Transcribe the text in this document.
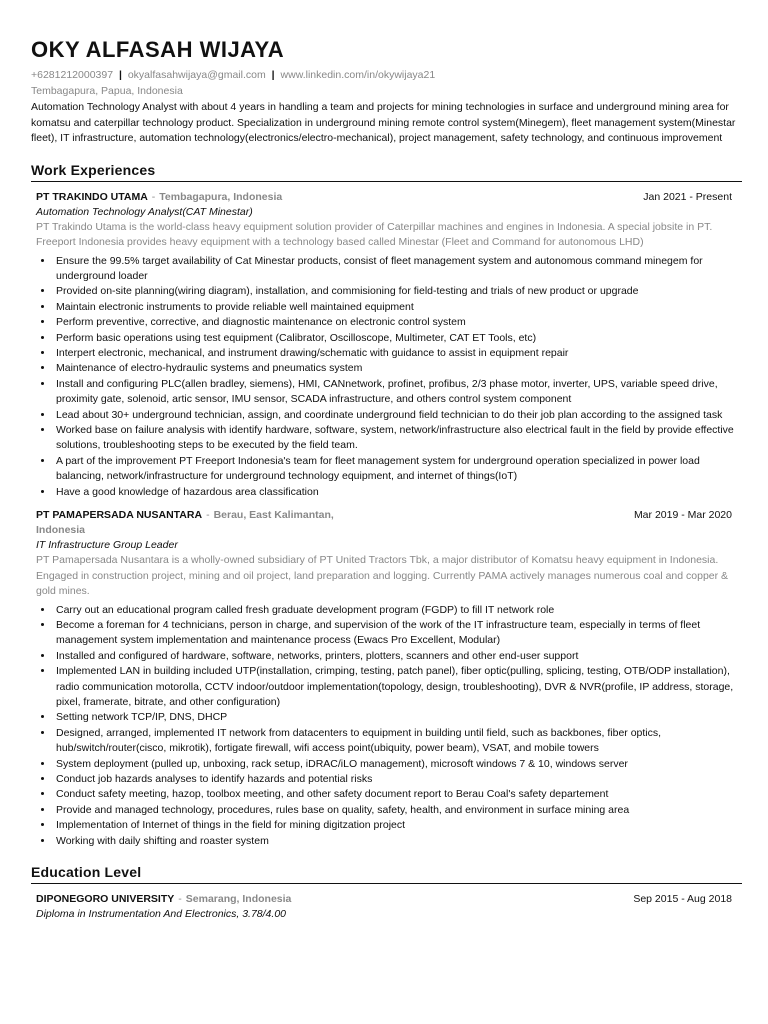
OKY ALFASAH WIJAYA
+6281212000397 | okyalfasahwijaya@gmail.com | www.linkedin.com/in/okywijaya21
Tembagapura, Papua, Indonesia
Automation Technology Analyst with about 4 years in handling a team and projects for mining technologies in surface and underground mining area for komatsu and caterpillar technology product. Specialization in underground mining remote control system(Minegem), fleet management system(Minestar fleet), IT infrastructure, automation technology(electronics/electro-mechanical), project management, safety technology, and continuous improvement
Work Experiences
PT TRAKINDO UTAMA - Tembagapura, Indonesia	Jan 2021 - Present
Automation Technology Analyst(CAT Minestar)
PT Trakindo Utama is the world-class heavy equipment solution provider of Caterpillar machines and engines in Indonesia. A special jobsite in PT. Freeport Indonesia provides heavy equipment with a technology based called Minestar (Fleet and Command for autonomous LHD)
• Ensure the 99.5% target availability of Cat Minestar products, consist of fleet management system and autonomous command minegem for underground loader
• Provided on-site planning(wiring diagram), installation, and commisioning for field-testing and trials of new product or upgrade
• Maintain electronic instruments to provide reliable well maintained equipment
• Perform preventive, corrective, and diagnostic maintenance on electronic control system
• Perform basic operations using test equipment (Calibrator, Oscilloscope, Multimeter, CAT ET Tools, etc)
• Interpert electronic, mechanical, and instrument drawing/schematic with guidance to assist in equipment repair
• Maintenance of electro-hydraulic systems and pneumatics system
• Install and configuring PLC(allen bradley, siemens), HMI, CANnetwork, profinet, profibus, 2/3 phase motor, inverter, UPS, variable speed drive, proximity gate, solenoid, artic sensor, IMU sensor, SCADA infrastructure, and others control system component
• Lead about 30+ underground technician, assign, and coordinate underground field technician to do their job plan according to the assigned task
• Worked base on failure analysis with identify hardware, software, system, network/infrastructure also electrical fault in the field by provide effective solutions, troubleshooting steps to be executed by the field team.
• A part of the improvement PT Freeport Indonesia's team for fleet management system for underground operation specialized in power load balancing, network/infrastructure for underground technology equipment, and internet of things(IoT)
• Have a good knowledge of hazardous area classification
PT PAMAPERSADA NUSANTARA - Berau, East Kalimantan, Indonesia
Mar 2019 - Mar 2020
IT Infrastructure Group Leader
PT Pamapersada Nusantara is a wholly-owned subsidiary of PT United Tractors Tbk, a major distributor of Komatsu heavy equipment in Indonesia. Engaged in construction project, mining and oil project, land preparation and logging. Currently PAMA actively manages numerous coal and copper & gold mines.
• Carry out an educational program called fresh graduate development program (FGDP) to fill IT network role
• Become a foreman for 4 technicians, person in charge, and supervision of the work of the IT infrastructure team, especially in terms of fleet management system implementation and maintenance process (Ewacs Pro Excellent, Modular)
• Installed and configured of hardware, software, networks, printers, plotters, scanners and other end-user support
• Implemented LAN in building included UTP(installation, crimping, testing, patch panel), fiber optic(pulling, splicing, testing, OTB/ODP installation), radio communication motorolla, CCTV indoor/outdoor implementation(topology, design, troubleshooting), DVR & NVR(profile, IP address, storage, pixel, framerate, bitrate, and other configuration)
• Setting network TCP/IP, DNS, DHCP
• Designed, arranged, implemented IT network from datacenters to equipment in building until field, such as backbones, fiber optics, hub/switch/router(cisco, mikrotik), fortigate firewall, wifi access point(ubiquity, power beam), VSAT, and mobile towers
• System deployment (pulled up, unboxing, rack setup, iDRAC/iLO management), microsoft windows 7 & 10, windows server
• Conduct job hazards analyses to identify hazards and potential risks
• Conduct safety meeting, hazop, toolbox meeting, and other safety document report to Berau Coal's safety departement
• Provide and managed technology, procedures, rules base on quality, safety, health, and environment in surface mining area
• Implementation of Internet of things in the field for mining digitzation project
• Working with daily shifting and roaster system
Education Level
DIPONEGORO UNIVERSITY - Semarang, Indonesia	Sep 2015 - Aug 2018
Diploma in Instrumentation And Electronics, 3.78/4.00
